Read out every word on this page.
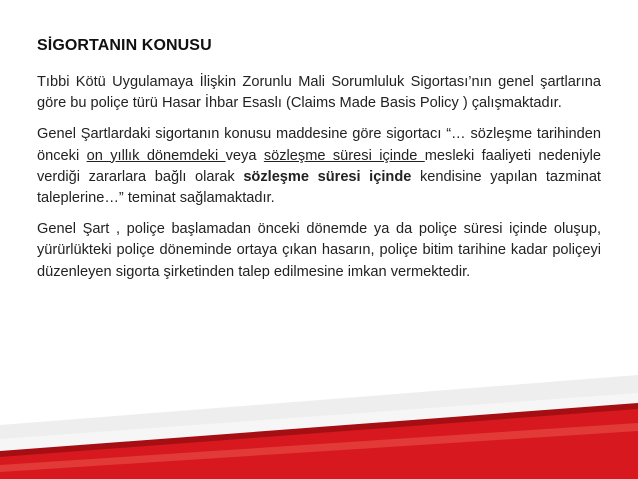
SİGORTANIN KONUSU

Tıbbi Kötü Uygulamaya İlişkin Zorunlu Mali Sorumluluk Sigortası’nın genel şartlarına göre bu poliçe türü Hasar İhbar Esaslı (Claims Made Basis Policy ) çalışmaktadır.

Genel Şartlardaki sigortanın konusu maddesine göre sigortacı “… sözleşme tarihinden önceki on yıllık dönemdeki veya sözleşme süresi içinde mesleki faaliyeti nedeniyle verdiği zararlara bağlı olarak sözleşme süresi içinde kendisine yapılan tazminat taleplerine…” teminat sağlamaktadır.

Genel Şart , poliçe başlamadan önceki dönemde ya da poliçe süresi içinde oluşup, yürürlükteki poliçe döneminde ortaya çıkan hasarın, poliçe bitim tarihine kadar poliçeyi düzenleyen sigorta şirketinden talep edilmesine imkan vermektedir.
